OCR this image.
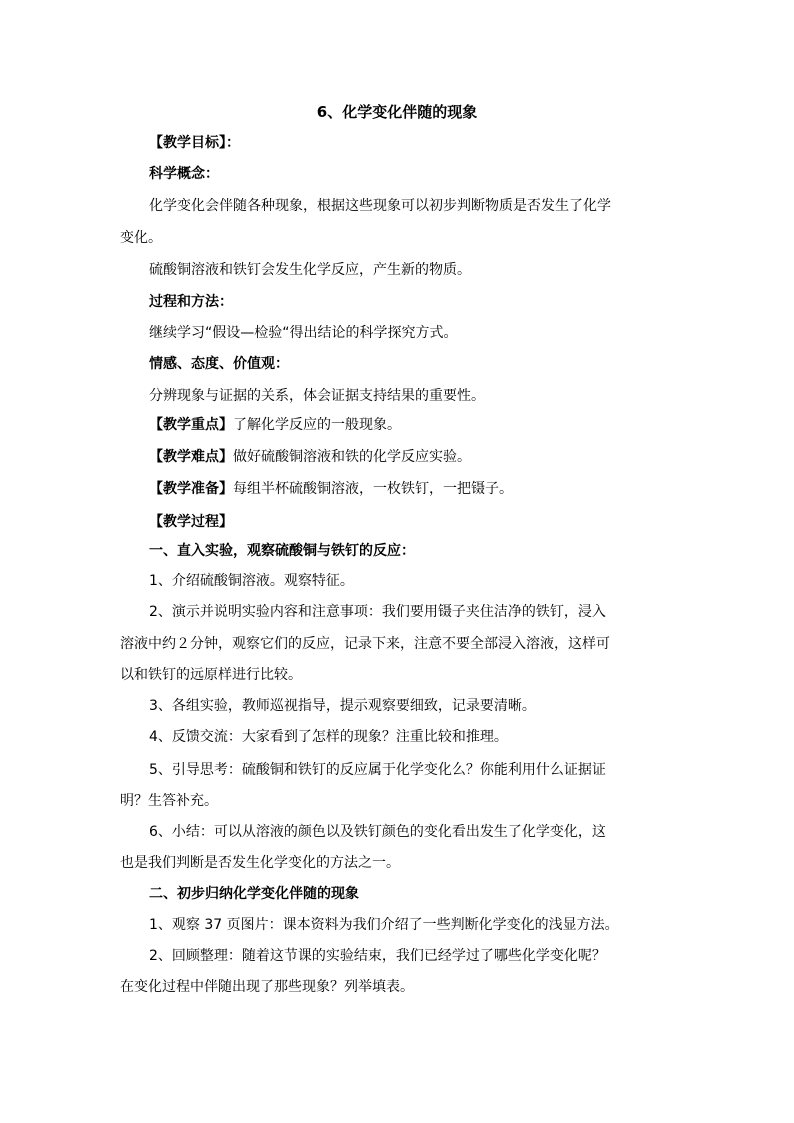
6、化学变化伴随的现象
【教学目标】：
科学概念：
化学变化会伴随各种现象，根据这些现象可以初步判断物质是否发生了化学
变化。
硫酸铜溶液和铁钉会发生化学反应，产生新的物质。
过程和方法：
继续学习“假设—检验“得出结论的科学探究方式。
情感、态度、价值观：
分辨现象与证据的关系，体会证据支持结果的重要性。
【教学重点】了解化学反应的一般现象。
【教学难点】做好硫酸铜溶液和铁的化学反应实验。
【教学准备】每组半杯硫酸铜溶液，一枚铁钉，一把镊子。
【教学过程】
一、直入实验，观察硫酸铜与铁钉的反应：
1、介绍硫酸铜溶液。观察特征。
2、演示并说明实验内容和注意事项：我们要用镊子夹住洁净的铁钉，浸入
溶液中约２分钟，观察它们的反应，记录下来，注意不要全部浸入溶液，这样可
以和铁钉的远原样进行比较。
3、各组实验，教师巡视指导，提示观察要细致，记录要清晰。
4、反馈交流：大家看到了怎样的现象？注重比较和推理。
5、引导思考：硫酸铜和铁钉的反应属于化学变化么？你能利用什么证据证
明？生答补充。
6、小结：可以从溶液的颜色以及铁钉颜色的变化看出发生了化学变化，这
也是我们判断是否发生化学变化的方法之一。
二、初步归纳化学变化伴随的现象
1、观察 37 页图片：课本资料为我们介绍了一些判断化学变化的浅显方法。
2、回顾整理：随着这节课的实验结束，我们已经学过了哪些化学变化呢？
在变化过程中伴随出现了那些现象？列举填表。
